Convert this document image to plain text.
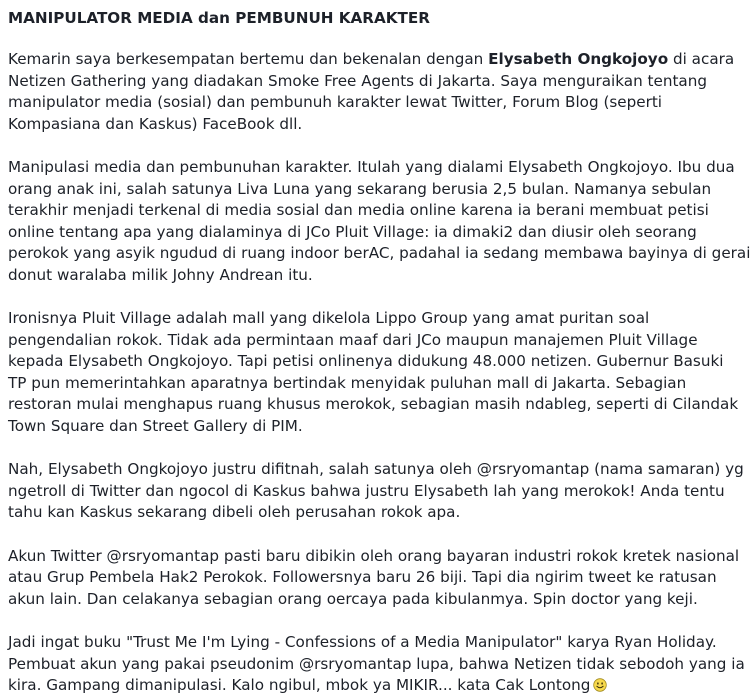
MANIPULATOR MEDIA dan PEMBUNUH KARAKTER

Kemarin saya berkesempatan bertemu dan bekenalan dengan Elysabeth Ongkojoyo di acara
Netizen Gathering yang diadakan Smoke Free Agents di Jakarta. Saya menguraikan tentang
manipulator media (sosial) dan pembunuh karakter lewat Twitter, Forum Blog (seperti
Kompasiana dan Kaskus) FaceBook dll.

Manipulasi media dan pembunuhan karakter. Itulah yang dialami Elysabeth Ongkojoyo. Ibu dua
orang anak ini, salah satunya Liva Luna yang sekarang berusia 2,5 bulan. Namanya sebulan
terakhir menjadi terkenal di media sosial dan media online karena ia berani membuat petisi
online tentang apa yang dialaminya di JCo Pluit Village: ia dimaki2 dan diusir oleh seorang
perokok yang asyik ngudud di ruang indoor berAC, padahal ia sedang membawa bayinya di gerai
donut waralaba milik Johny Andrean itu.

Ironisnya Pluit Village adalah mall yang dikelola Lippo Group yang amat puritan soal
pengendalian rokok. Tidak ada permintaan maaf dari JCo maupun manajemen Pluit Village
kepada Elysabeth Ongkojoyo. Tapi petisi onlinenya didukung 48.000 netizen. Gubernur Basuki
TP pun memerintahkan aparatnya bertindak menyidak puluhan mall di Jakarta. Sebagian
restoran mulai menghapus ruang khusus merokok, sebagian masih ndableg, seperti di Cilandak
Town Square dan Street Gallery di PIM.

Nah, Elysabeth Ongkojoyo justru difitnah, salah satunya oleh @rsryomantap (nama samaran) yg
ngetroll di Twitter dan ngocol di Kaskus bahwa justru Elysabeth lah yang merokok! Anda tentu
tahu kan Kaskus sekarang dibeli oleh perusahan rokok apa.

Akun Twitter @rsryomantap pasti baru dibikin oleh orang bayaran industri rokok kretek nasional
atau Grup Pembela Hak2 Perokok. Followersnya baru 26 biji. Tapi dia ngirim tweet ke ratusan
akun lain. Dan celakanya sebagian orang oercaya pada kibulanmya. Spin doctor yang keji.

Jadi ingat buku "Trust Me I'm Lying - Confessions of a Media Manipulator" karya Ryan Holiday.
Pembuat akun yang pakai pseudonim @rsryomantap lupa, bahwa Netizen tidak sebodoh yang ia
kira. Gampang dimanipulasi. Kalo ngibul, mbok ya MIKIR... kata Cak Lontong
